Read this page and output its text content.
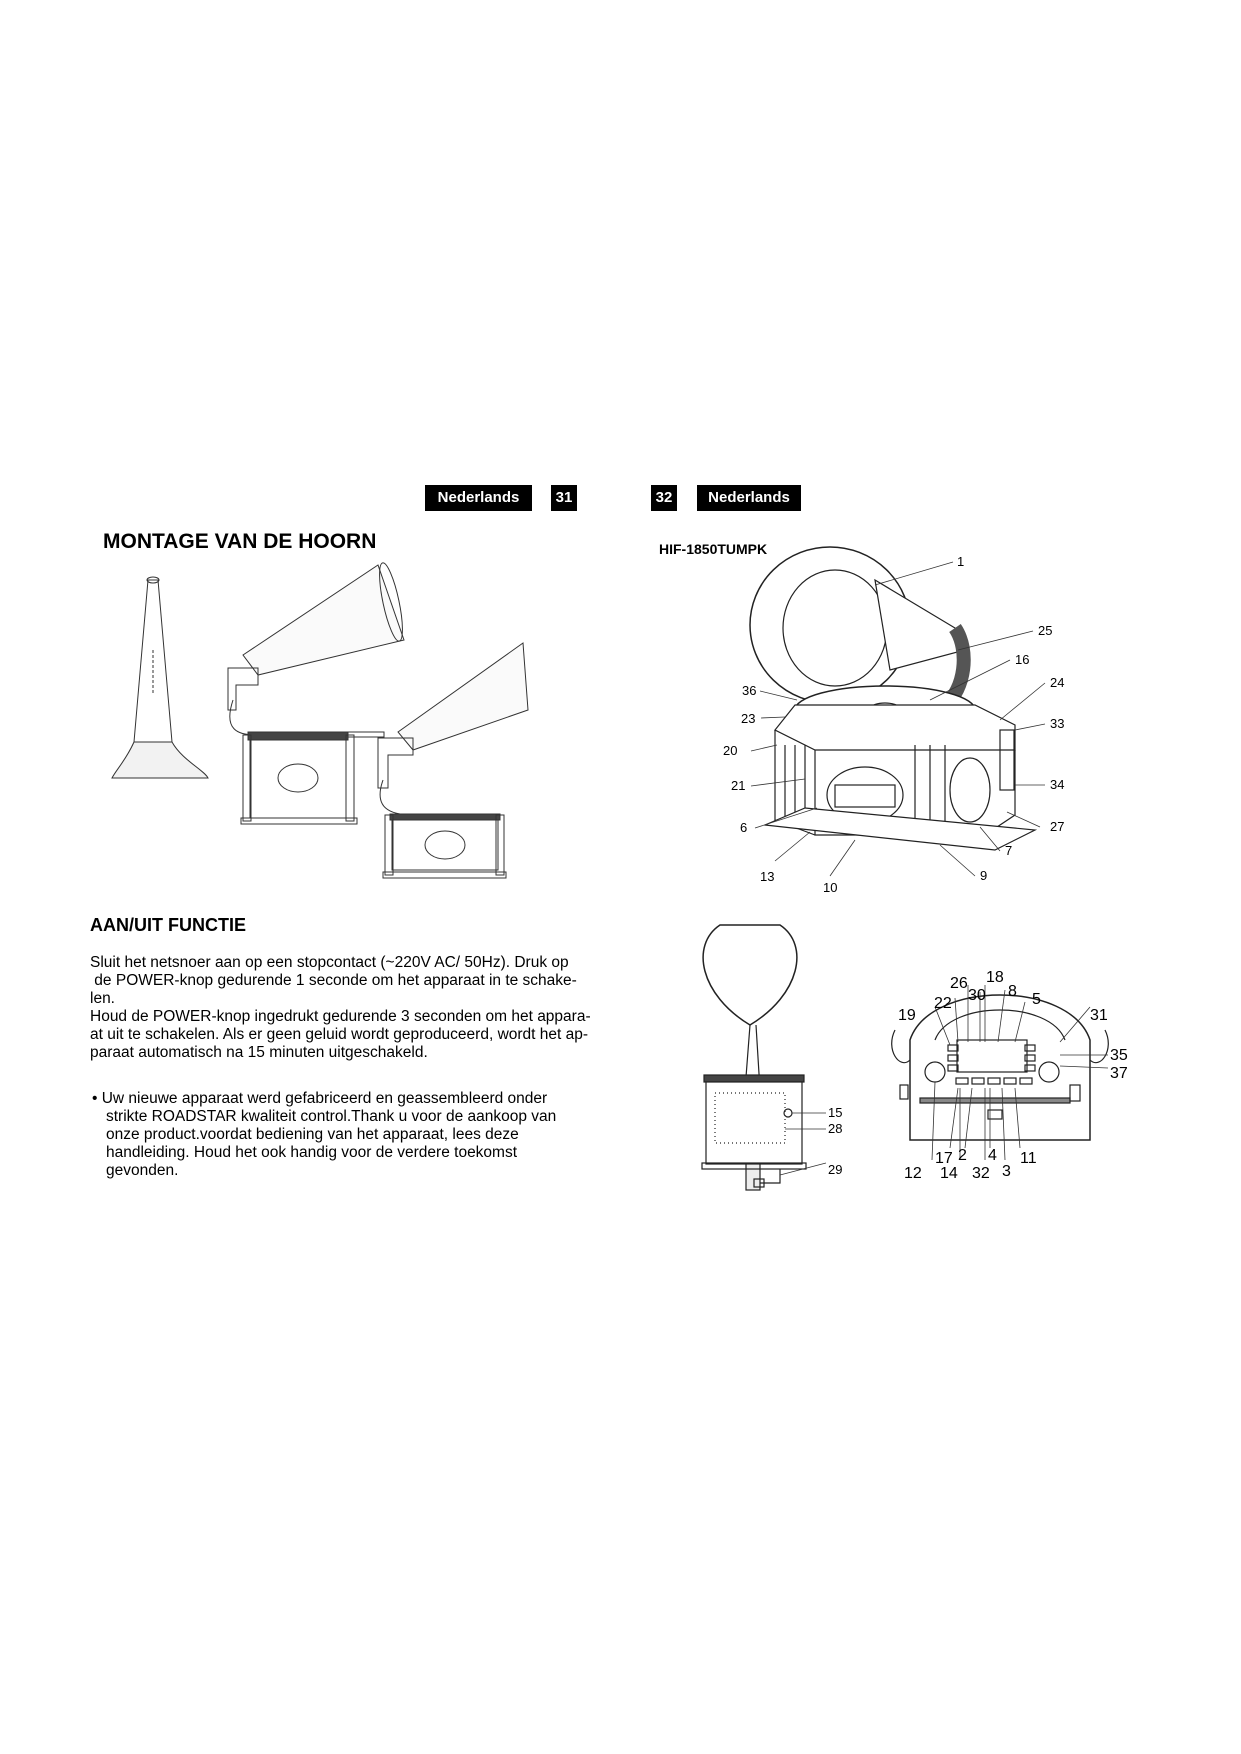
Nederlands	31	32	Nederlands
MONTAGE VAN DE HOORN
AAN/UIT FUNCTIE

Sluit het netsnoer aan op een stopcontact (~220V AC/ 50Hz). Druk op
de POWER-knop gedurende 1 seconde om het apparaat in te schake-
len.
Houd de POWER-knop ingedrukt gedurende 3 seconden om het appara-
at uit te schakelen. Als er geen geluid wordt geproduceerd, wordt het ap-
paraat automatisch na 15 minuten uitgeschakeld.

• Uw nieuwe apparaat werd gefabriceerd en geassembleerd onder
strikte ROADSTAR kwaliteit control.Thank u voor de aankoop van
onze product.voordat bediening van het apparaat, lees deze
handleiding. Houd het ook handig voor de verdere toekomst
gevonden.

HIF-1850TUMPK
1
25
16
24
36
33
23
20
21	34
27
6
7
13	9
10
15
28
29
18
26
30 8
22	5
19	31
35
37
17 2 4 11
12 14 32 3
